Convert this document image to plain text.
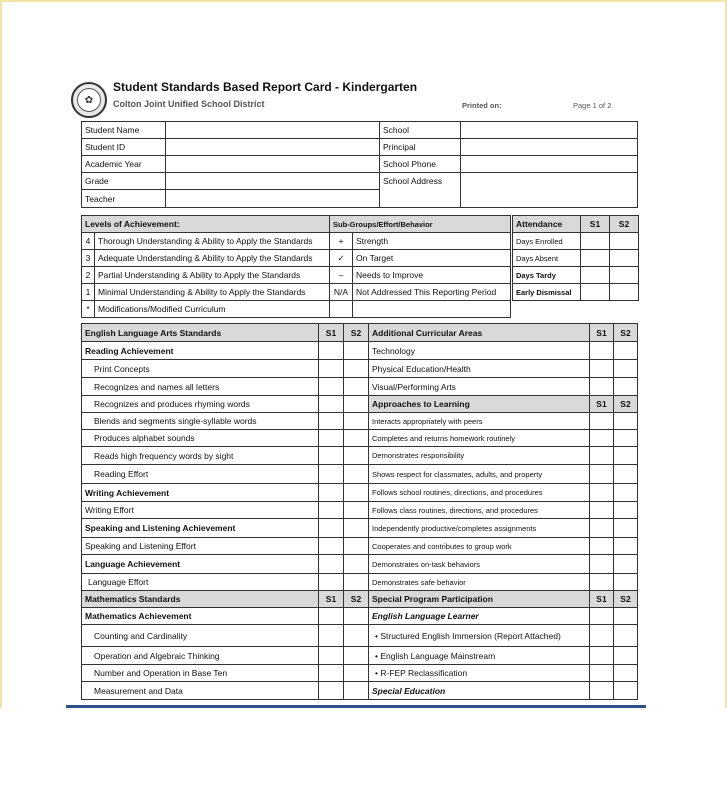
✿
Student Standards Based Report Card - Kindergarten
Colton Joint Unified School District	Printed on:	Page 1 of 2
Student Name		School	
Student ID		Principal	
Academic Year		School Phone	
Grade		School Address	
Teacher			
Levels of Achievement:		Sub-Groups/Effort/Behavior	
4	Thorough Understanding & Ability to Apply the Standards	+	Strength
3	Adequate Understanding & Ability to Apply the Standards	✓	On Target
2	Partial Understanding & Ability to Apply the Standards	–	Needs to Improve
1	Minimal Understanding & Ability to Apply the Standards	N/A	Not Addressed This Reporting Period
*	Modifications/Modified Curriculum		
Attendance	S1	S2
Days Enrolled		
Days Absent		
Days Tardy		
Early Dismissal		
English Language Arts Standards	S1	S2	Additional Curricular Areas	S1	S2
Reading Achievement			Technology		
Print Concepts			Physical Education/Health		
Recognizes and names all letters			Visual/Performing Arts		
Recognizes and produces rhyming words			Approaches to Learning	S1	S2
Blends and segments single-syllable words			Interacts appropriately with peers		
Produces alphabet sounds			Completes and returns homework routinely		
Reads high frequency words by sight			Demonstrates responsibility		
Reading Effort			Shows respect for classmates, adults, and property		
Writing Achievement			Follows school routines, directions, and procedures		
Writing Effort			Follows class routines, directions, and procedures		
Speaking and Listening Achievement			Independently productive/completes assignments		
Speaking and Listening Effort			Cooperates and contributes to group work		
Language Achievement			Demonstrates on-task behaviors		
Language Effort			Demonstrates safe behavior		
Mathematics Standards	S1	S2	Special Program Participation	S1	S2
Mathematics Achievement			English Language Learner		
Counting and Cardinality			• Structured English Immersion (Report Attached)		
Operation and Algebraic Thinking			• English Language Mainstream		
Number and Operation in Base Ten			• R-FEP Reclassification		
Measurement and Data			Special Education		
